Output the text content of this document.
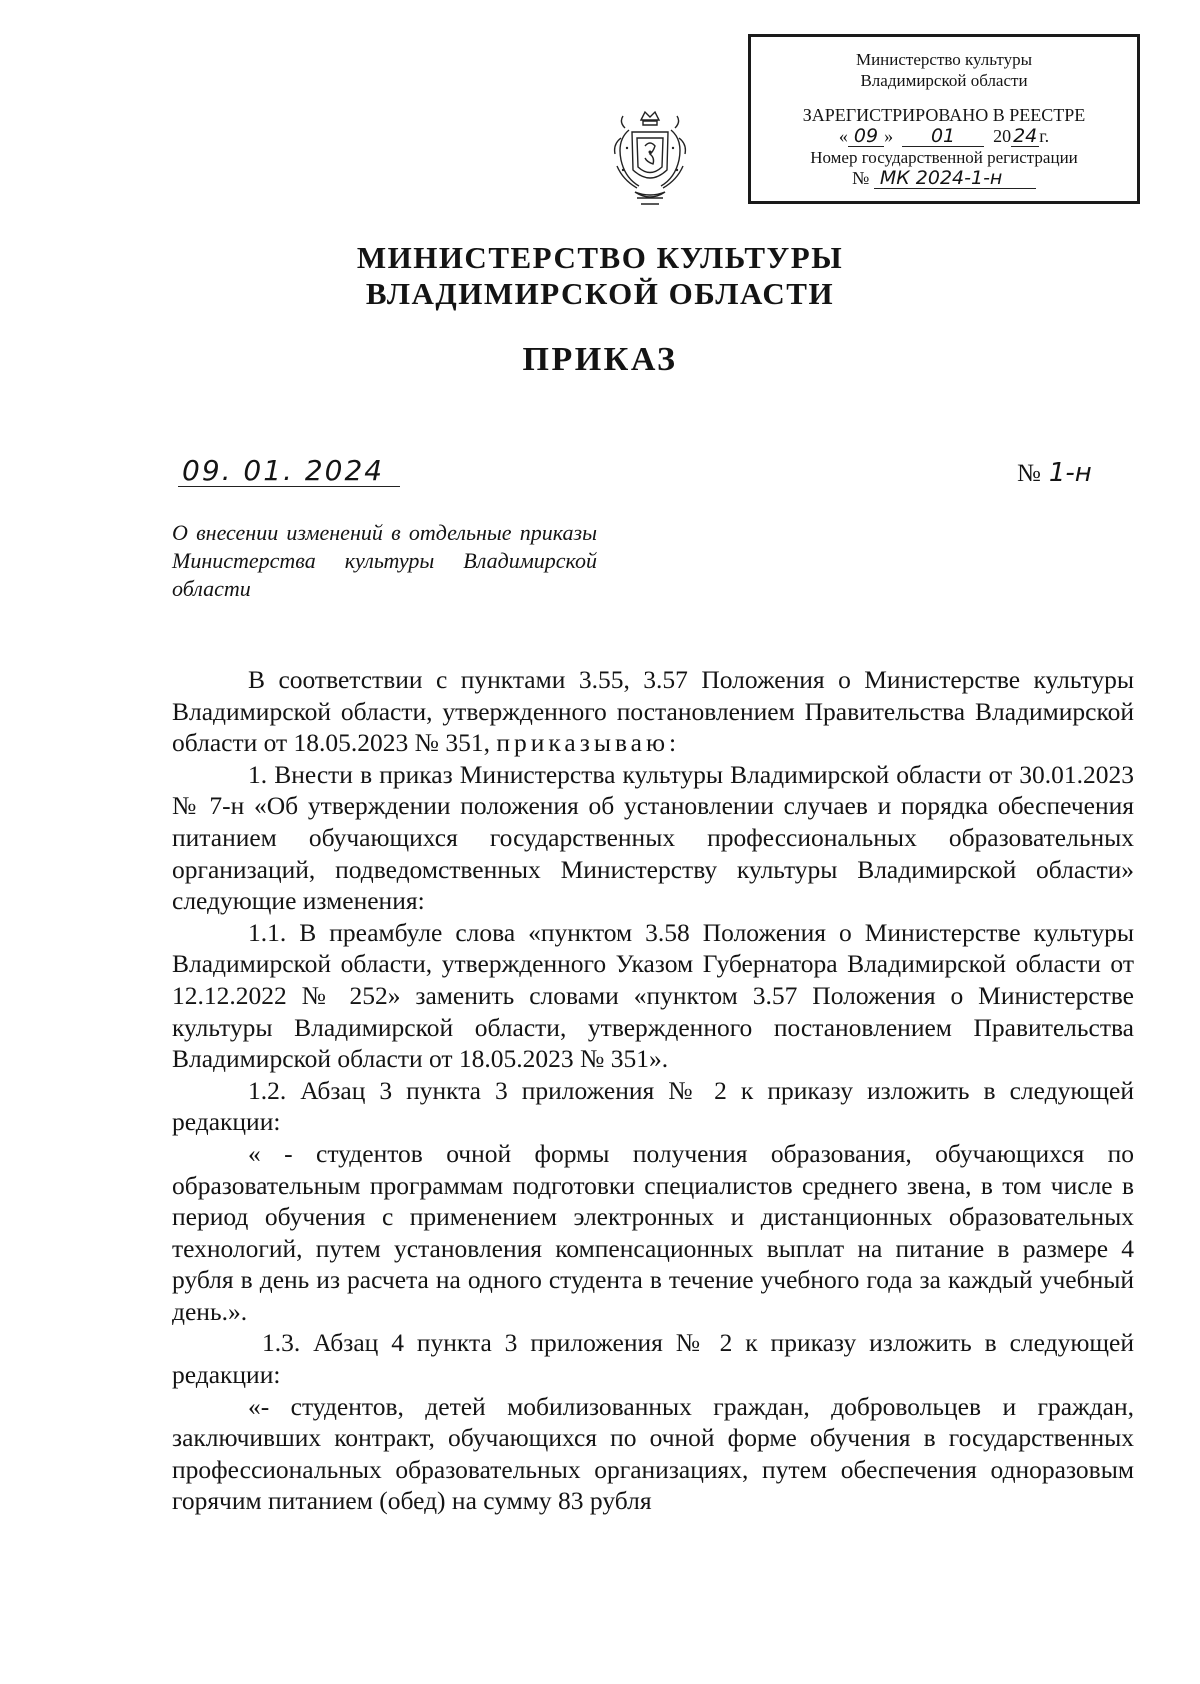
Министерство культуры
Владимирской области
ЗАРЕГИСТРИРОВАНО В РЕЕСТРЕ
« 09 »  01 20 24 г.
Номер государственной регистрации
№ МК 2024-1-н
МИНИСТЕРСТВО КУЛЬТУРЫ
ВЛАДИМИРСКОЙ ОБЛАСТИ
ПРИКАЗ
09. 01. 2024	№ 1-н
О внесении изменений в отдельные приказы Министерства культуры Владимирской области

В соответствии с пунктами 3.55, 3.57 Положения о Министерстве культуры Владимирской области, утвержденного постановлением Правительства Владимирской области от 18.05.2023 № 351, приказываю:

1. Внести в приказ Министерства культуры Владимирской области от 30.01.2023 № 7-н «Об утверждении положения об установлении случаев и порядка обеспечения питанием обучающихся государственных профессиональных образовательных организаций, подведомственных Министерству культуры Владимирской области» следующие изменения:

1.1. В преамбуле слова «пунктом 3.58 Положения о Министерстве культуры Владимирской области, утвержденного Указом Губернатора Владимирской области от 12.12.2022 № 252» заменить словами «пунктом 3.57 Положения о Министерстве культуры Владимирской области, утвержденного постановлением Правительства Владимирской области от 18.05.2023 № 351».

1.2. Абзац 3 пункта 3 приложения № 2 к приказу изложить в следующей редакции:

« - студентов очной формы получения образования, обучающихся по образовательным программам подготовки специалистов среднего звена, в том числе в период обучения с применением электронных и дистанционных образовательных технологий, путем установления компенсационных выплат на питание в размере 4 рубля в день из расчета на одного студента в течение учебного года за каждый учебный день.».

1.3. Абзац 4 пункта 3 приложения № 2 к приказу изложить в следующей редакции:

«- студентов, детей мобилизованных граждан, добровольцев и граждан, заключивших контракт, обучающихся по очной форме обучения в государственных профессиональных образовательных организациях, путем обеспечения одноразовым горячим питанием (обед) на сумму 83 рубля
